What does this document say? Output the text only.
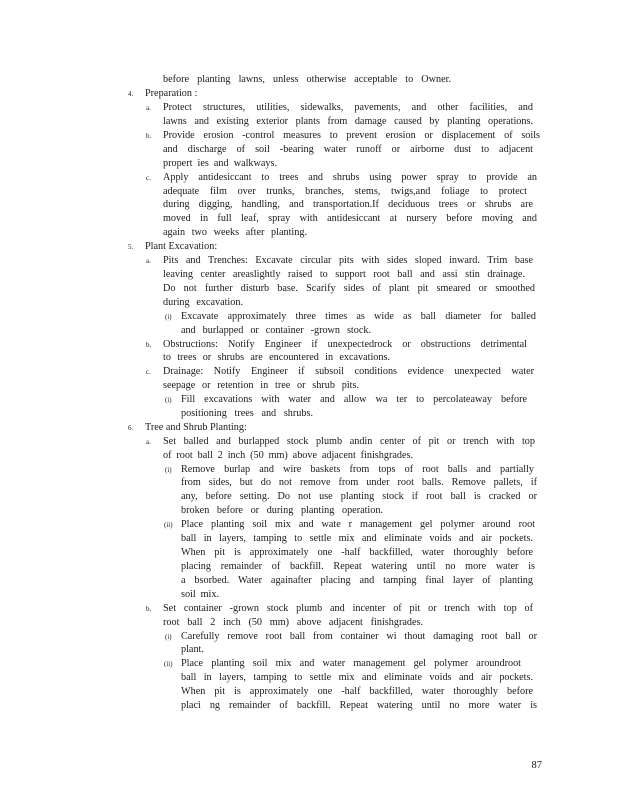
4.
a.
b.
c.
5.
a.
(i)
b.
c.
(i)
6.
a.
(i)
(ii)
b.
(i)
(ii)
before planting lawns, unless otherwise acceptable to Owner.
Preparation :
Protect structures, utilities, sidewalks, pavements, and other facilities, and
lawns and existing exterior plants from damage caused by planting operations.
Provide erosion -control measures to prevent erosion or displacement of soils
and discharge of soil -bearing water runoff or airborne dust to adjacent
propert ies and walkways.
Apply antidesiccant to trees and shrubs using power spray to provide an
adequate film over trunks, branches, stems, twigs,and foliage to protect
during digging, handling, and transportation.If deciduous trees or shrubs are
moved in full leaf, spray with antidesiccant at nursery before moving and
again two weeks after planting.
Plant Excavation:
Pits and Trenches: Excavate circular pits with sides sloped inward. Trim base
leaving center areaslightly raised to support root ball and assi stin drainage.
Do not further disturb base. Scarify sides of plant pit smeared or smoothed
during excavation.
Excavate approximately three times as wide as ball diameter for balled
and burlapped or container -grown stock.
Obstructions: Notify Engineer if unexpectedrock or obstructions detrimental
to trees or shrubs are encountered in excavations.
Drainage: Notify Engineer if subsoil conditions evidence unexpected water
seepage or retention in tree or shrub pits.
Fill excavations with water and allow wa ter to percolateaway before
positioning trees and shrubs.
Tree and Shrub Planting:
Set balled and burlapped stock plumb andin center of pit or trench with top
of root ball 2 inch (50 mm) above adjacent finishgrades.
Remove burlap and wire baskets from tops of root balls and partially
from sides, but do not remove from under root balls. Remove pallets, if
any, before setting. Do not use planting stock if root ball is cracked or
broken before or during planting operation.
Place planting soil mix and wate r management gel polymer around root
ball in layers, tamping to settle mix and eliminate voids and air pockets.
When pit is approximately one -half backfilled, water thoroughly before
placing remainder of backfill. Repeat watering until no more water is
a bsorbed. Water againafter placing and tamping final layer of planting
soil mix.
Set container -grown stock plumb and incenter of pit or trench with top of
root ball 2 inch (50 mm) above adjacent finishgrades.
Carefully remove root ball from container wi thout damaging root ball or
plant.
Place planting soil mix and water management gel polymer aroundroot
ball in layers, tamping to settle mix and eliminate voids and air pockets.
When pit is approximately one -half backfilled, water thoroughly before
placi ng remainder of backfill. Repeat watering until no more water is
87
